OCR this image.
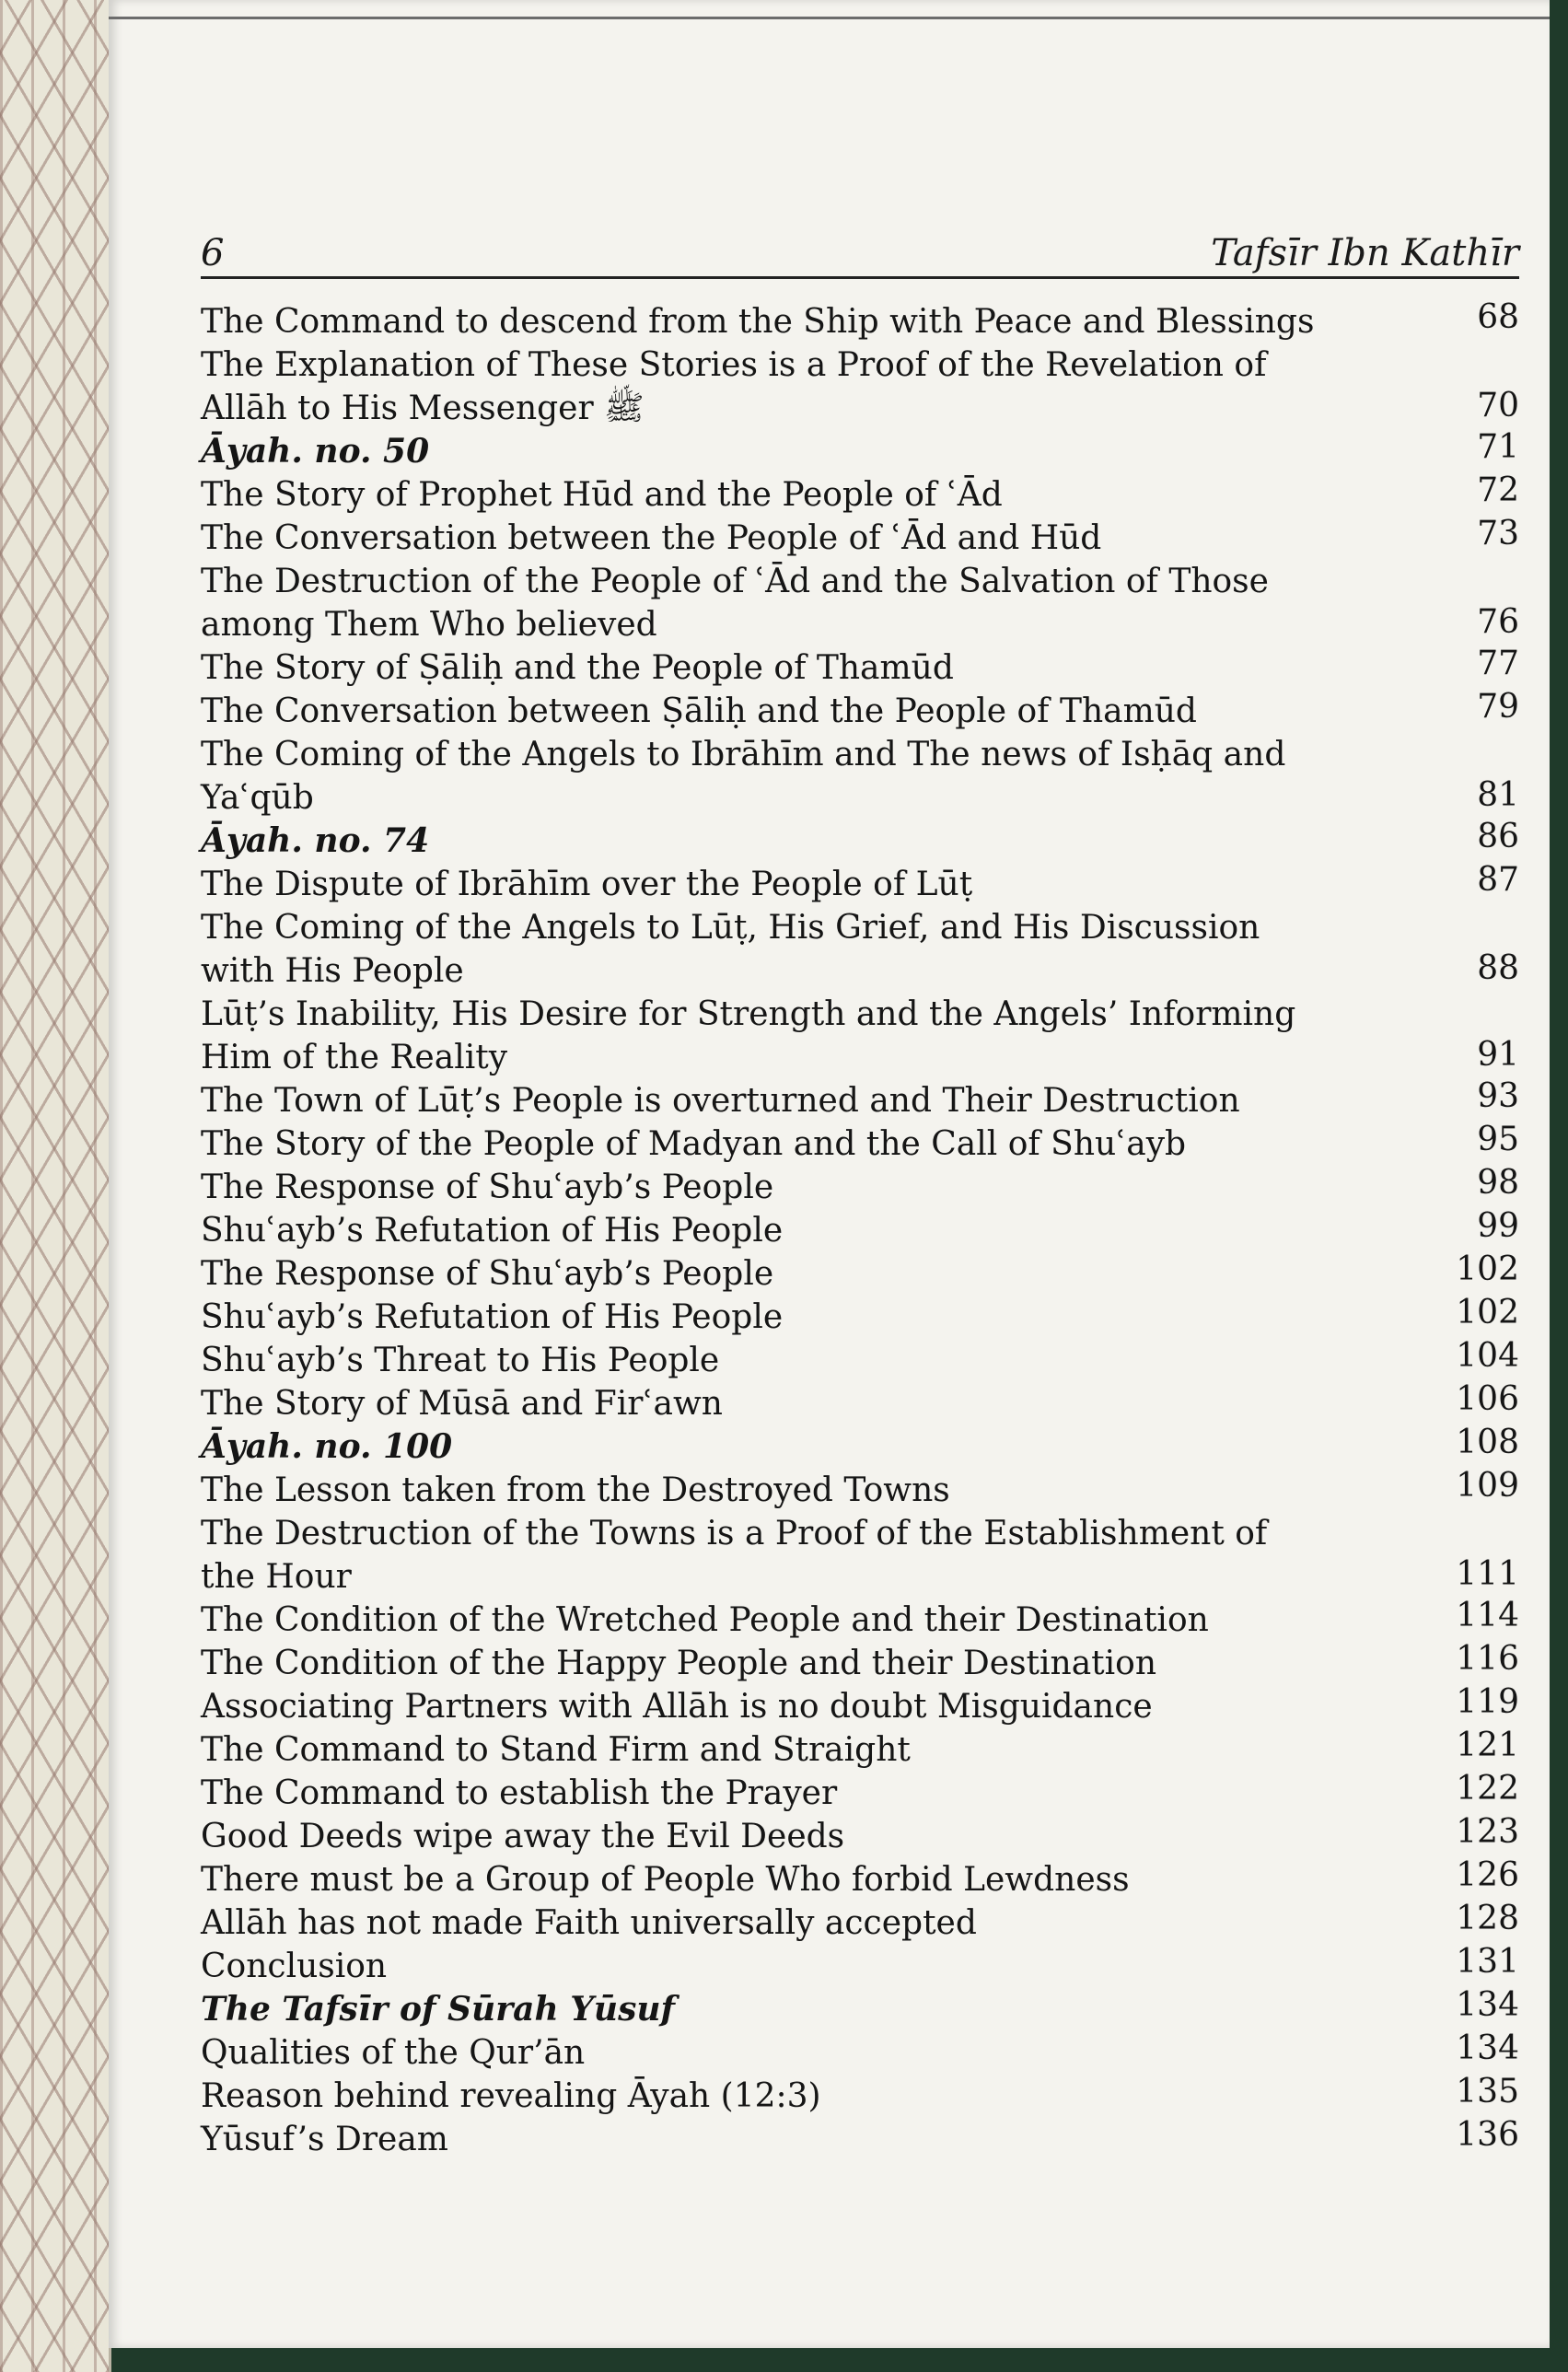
6	Tafsīr Ibn Kathīr
The Command to descend from the Ship with Peace and Blessings	68
The Explanation of These Stories is a Proof of the Revelation of
Allāh to His Messenger ﷺ	70
Āyah. no. 50	71
The Story of Prophet Hūd and the People of ʿĀd	72
The Conversation between the People of ʿĀd and Hūd	73
The Destruction of the People of ʿĀd and the Salvation of Those
among Them Who believed	76
The Story of Ṣāliḥ and the People of Thamūd	77
The Conversation between Ṣāliḥ and the People of Thamūd	79
The Coming of the Angels to Ibrāhīm and The news of Isḥāq and
Yaʿqūb	81
Āyah. no. 74	86
The Dispute of Ibrāhīm over the People of Lūṭ	87
The Coming of the Angels to Lūṭ, His Grief, and His Discussion
with His People	88
Lūṭ’s Inability, His Desire for Strength and the Angels’ Informing
Him of the Reality	91
The Town of Lūṭ’s People is overturned and Their Destruction	93
The Story of the People of Madyan and the Call of Shuʿayb	95
The Response of Shuʿayb’s People	98
Shuʿayb’s Refutation of His People	99
The Response of Shuʿayb’s People	102
Shuʿayb’s Refutation of His People	102
Shuʿayb’s Threat to His People	104
The Story of Mūsā and Firʿawn	106
Āyah. no. 100	108
The Lesson taken from the Destroyed Towns	109
The Destruction of the Towns is a Proof of the Establishment of
the Hour	111
The Condition of the Wretched People and their Destination	114
The Condition of the Happy People and their Destination	116
Associating Partners with Allāh is no doubt Misguidance	119
The Command to Stand Firm and Straight	121
The Command to establish the Prayer	122
Good Deeds wipe away the Evil Deeds	123
There must be a Group of People Who forbid Lewdness	126
Allāh has not made Faith universally accepted	128
Conclusion	131
The Tafsīr of Sūrah Yūsuf	134
Qualities of the Qur’ān	134
Reason behind revealing Āyah (12:3)	135
Yūsuf’s Dream	136
